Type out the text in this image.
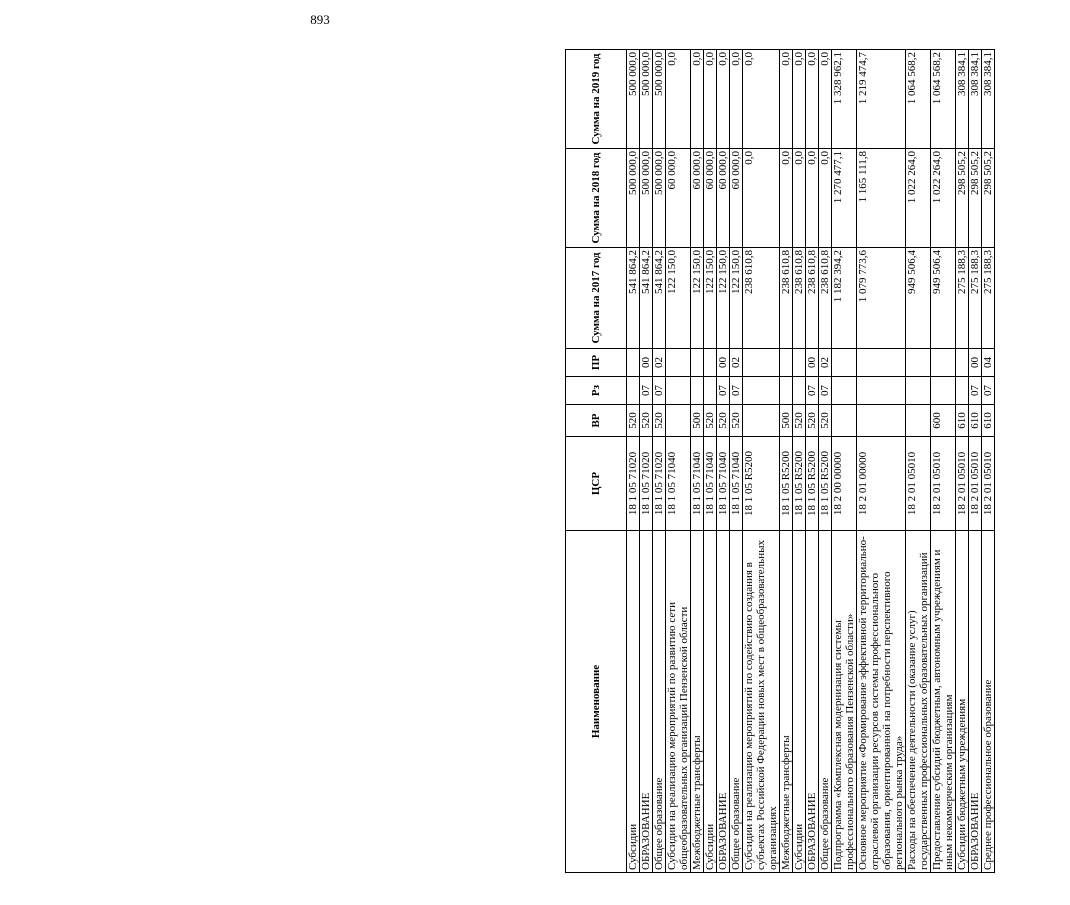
893
Наименование	ЦСР	ВР	Рз	ПР	Сумма на 2017 год	Сумма на 2018 год	Сумма на 2019 год
Субсидии	18 1 05 71020	520			541 864,2	500 000,0	500 000,0
ОБРАЗОВАНИЕ	18 1 05 71020	520	07	00	541 864,2	500 000,0	500 000,0
Общее образование	18 1 05 71020	520	07	02	541 864,2	500 000,0	500 000,0
Субсидии на реализацию мероприятий по развитию сети общеобразовательных организаций Пензенской области	18 1 05 71040				122 150,0	60 000,0	0,0
Межбюджетные трансферты	18 1 05 71040	500			122 150,0	60 000,0	0,0
Субсидии	18 1 05 71040	520			122 150,0	60 000,0	0,0
ОБРАЗОВАНИЕ	18 1 05 71040	520	07	00	122 150,0	60 000,0	0,0
Общее образование	18 1 05 71040	520	07	02	122 150,0	60 000,0	0,0
Субсидии на реализацию мероприятий по содействию создания в субъектах Российской Федерации новых мест в общеобразовательных организациях	18 1 05 R5200				238 610,8	0,0	0,0
Межбюджетные трансферты	18 1 05 R5200	500			238 610,8	0,0	0,0
Субсидии	18 1 05 R5200	520			238 610,8	0,0	0,0
ОБРАЗОВАНИЕ	18 1 05 R5200	520	07	00	238 610,8	0,0	0,0
Общее образование	18 1 05 R5200	520	07	02	238 610,8	0,0	0,0
Подпрограмма «Комплексная модернизация системы профессионального образования Пензенской области»	18 2 00 00000				1 182 394,2	1 270 477,1	1 328 962,1
Основное мероприятие «Формирование эффективной территориально-отраслевой организации ресурсов системы профессионального образования, ориентированной на потребности перспективного регионального рынка труда»	18 2 01 00000				1 079 773,6	1 165 111,8	1 219 474,7
Расходы на обеспечение деятельности (оказание услуг) государственных профессиональных образовательных организаций	18 2 01 05010				949 506,4	1 022 264,0	1 064 568,2
Предоставление субсидий бюджетным, автономным учреждениям и иным некоммерческим организациям	18 2 01 05010	600			949 506,4	1 022 264,0	1 064 568,2
Субсидии бюджетным учреждениям	18 2 01 05010	610			275 188,3	298 505,2	308 384,1
ОБРАЗОВАНИЕ	18 2 01 05010	610	07	00	275 188,3	298 505,2	308 384,1
Среднее профессиональное образование	18 2 01 05010	610	07	04	275 188,3	298 505,2	308 384,1
